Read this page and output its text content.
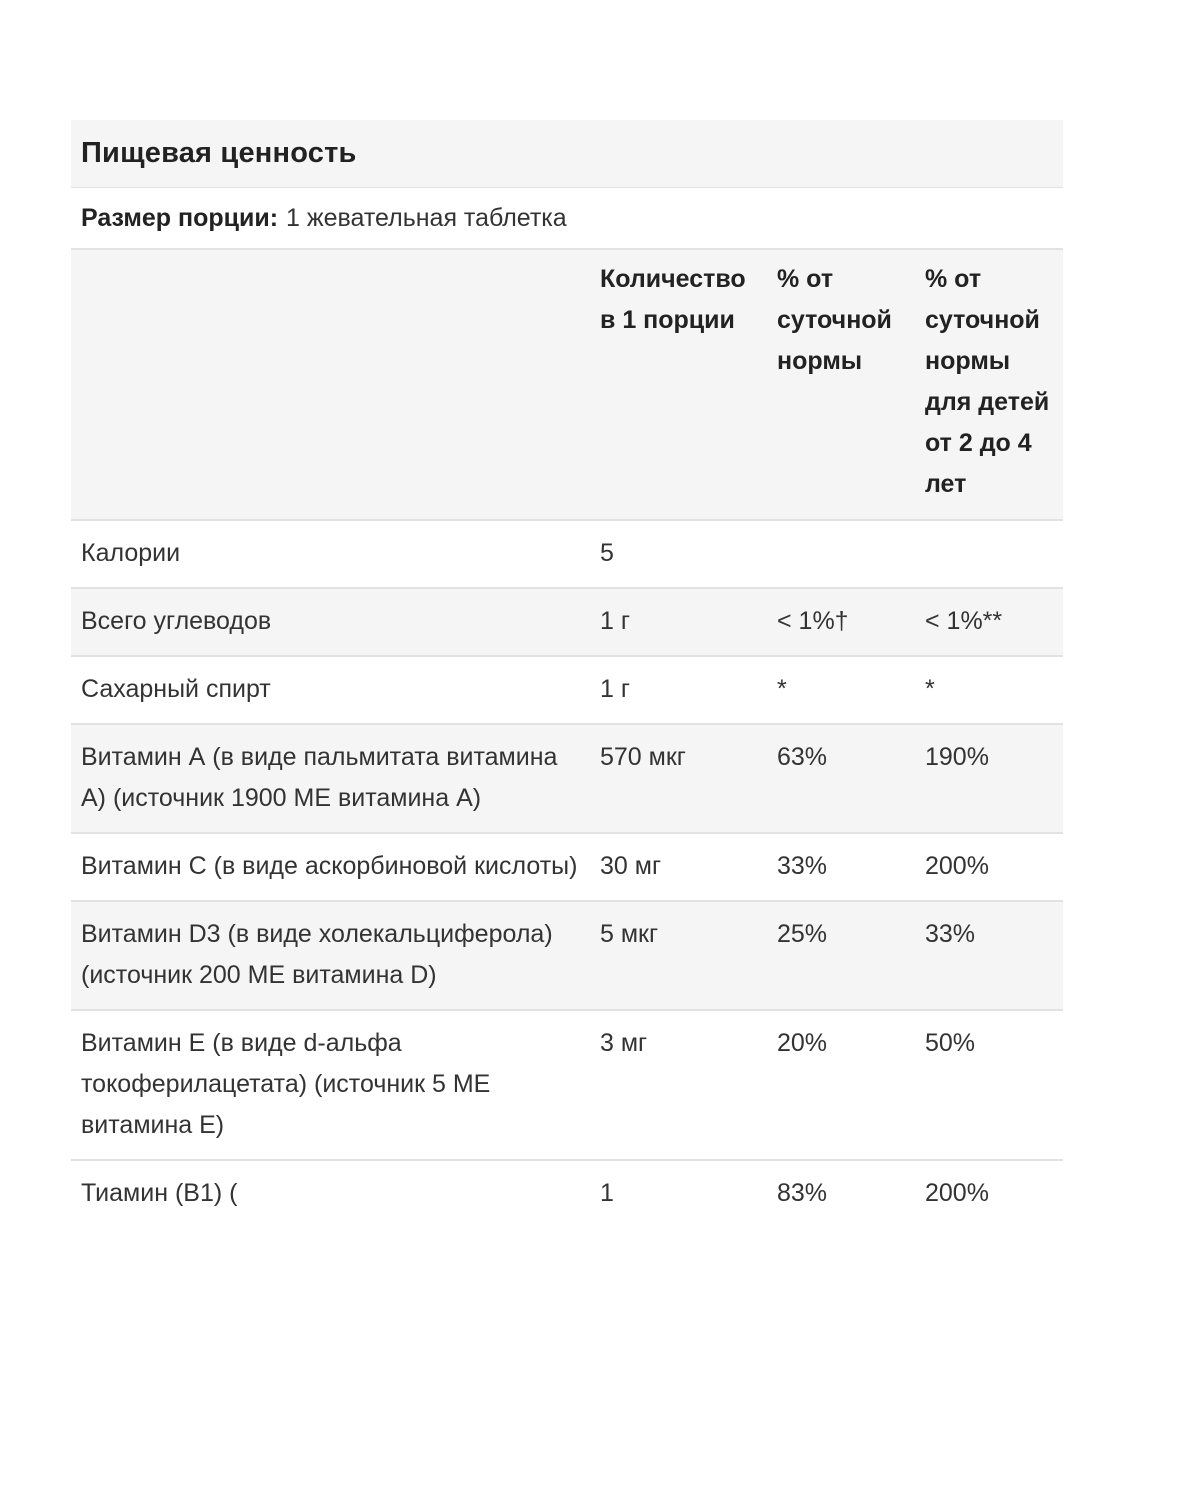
Пищевая ценность
Размер порции: 1 жевательная таблетка
	Количество в 1 порции	% от суточной нормы	% от суточной нормы для детей от 2 до 4 лет
Калории	5		
Всего углеводов	1 г	< 1%†	< 1%**
Сахарный спирт	1 г	*	*
Витамин А (в виде пальмитата витамина А) (источник 1900 МЕ витамина А)	570 мкг	63%	190%
Витамин С (в виде аскорбиновой кислоты)	30 мг	33%	200%
Витамин D3 (в виде холекальциферола) (источник 200 МЕ витамина D)	5 мкг	25%	33%
Витамин Е (в виде d-альфа токоферилацетата) (источник 5 МЕ витамина Е)	3 мг	20%	50%
Тиамин (B1) (	1	83%	200%
